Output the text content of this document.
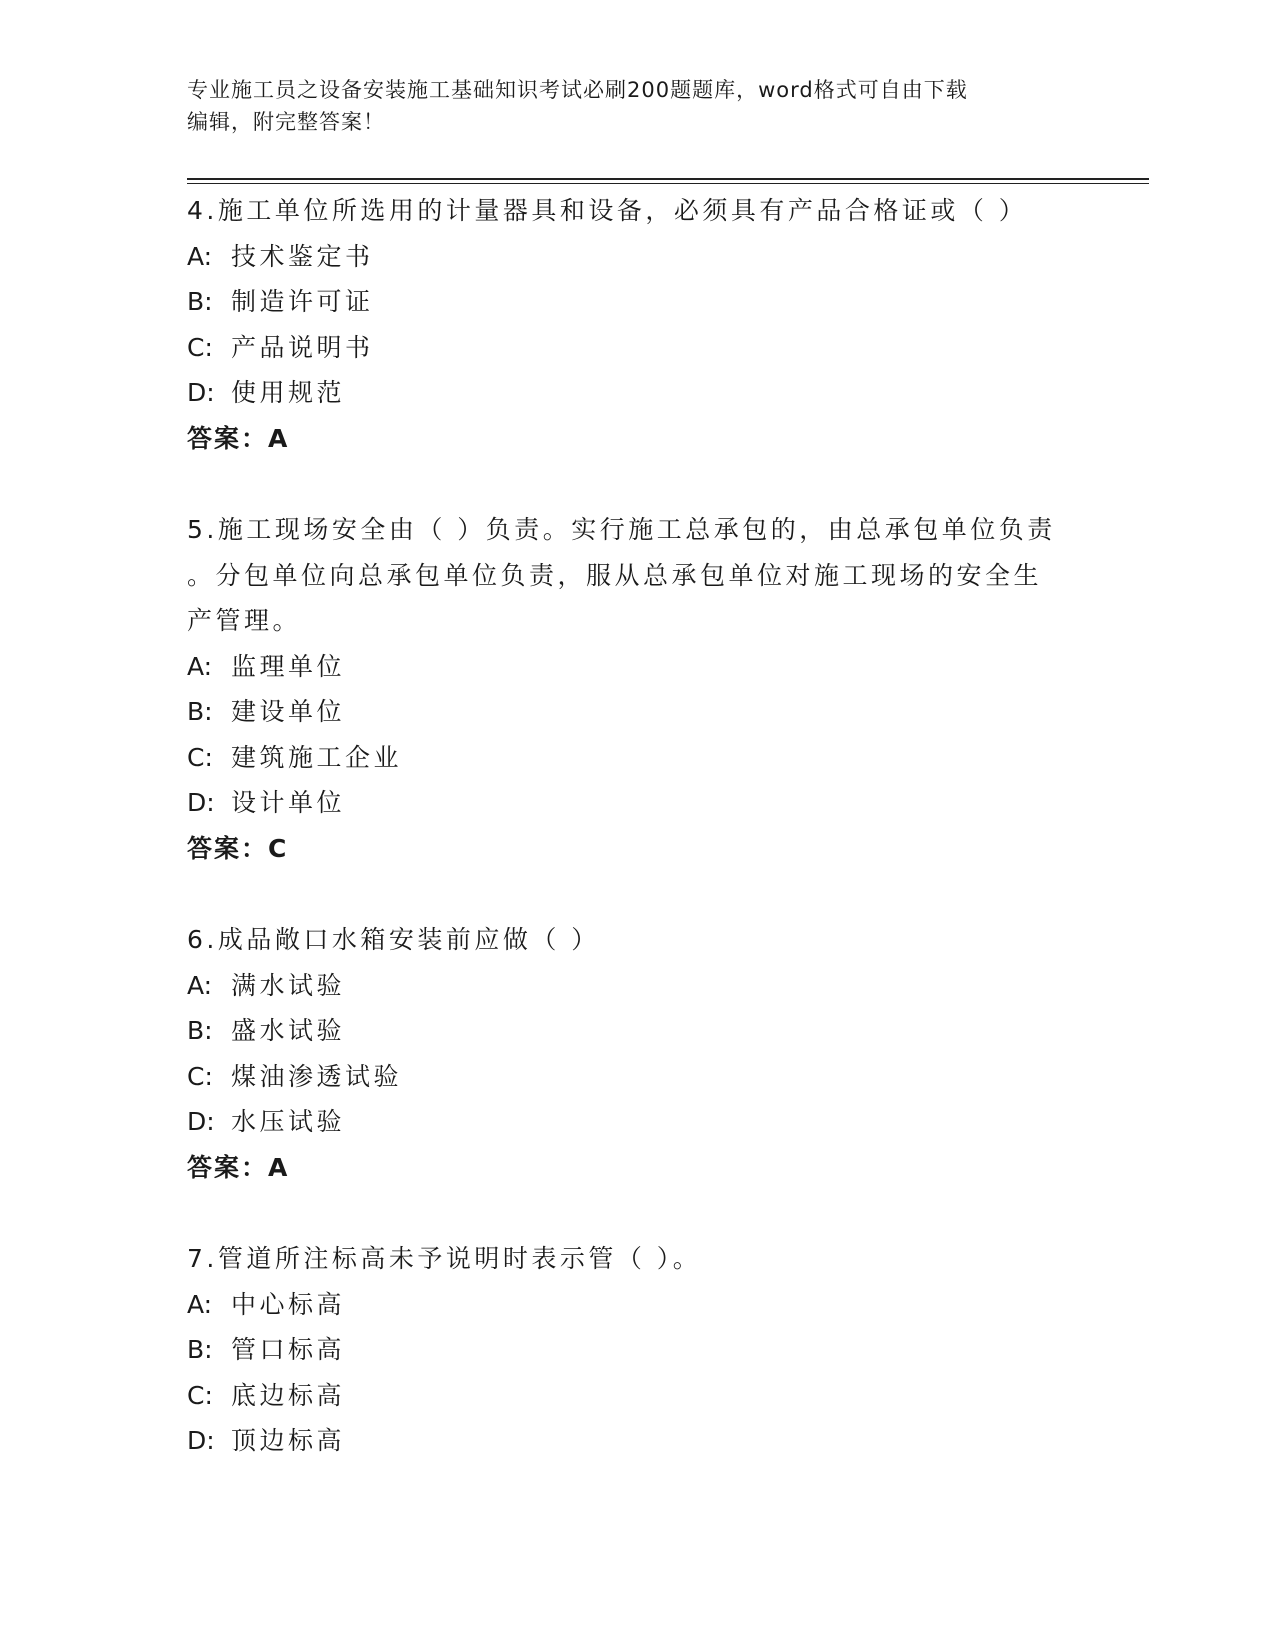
专业施工员之设备安装施工基础知识考试必刷200题题库，word格式可自由下载
编辑，附完整答案！
4.施工单位所选用的计量器具和设备，必须具有产品合格证或（ ）
A: 技术鉴定书
B: 制造许可证
C: 产品说明书
D: 使用规范
答案：A
5.施工现场安全由（ ）负责。实行施工总承包的，由总承包单位负责
。分包单位向总承包单位负责，服从总承包单位对施工现场的安全生
产管理。
A: 监理单位
B: 建设单位
C: 建筑施工企业
D: 设计单位
答案：C
6.成品敞口水箱安装前应做（ ）
A: 满水试验
B: 盛水试验
C: 煤油渗透试验
D: 水压试验
答案：A
7.管道所注标高未予说明时表示管（ ）。
A: 中心标高
B: 管口标高
C: 底边标高
D: 顶边标高
